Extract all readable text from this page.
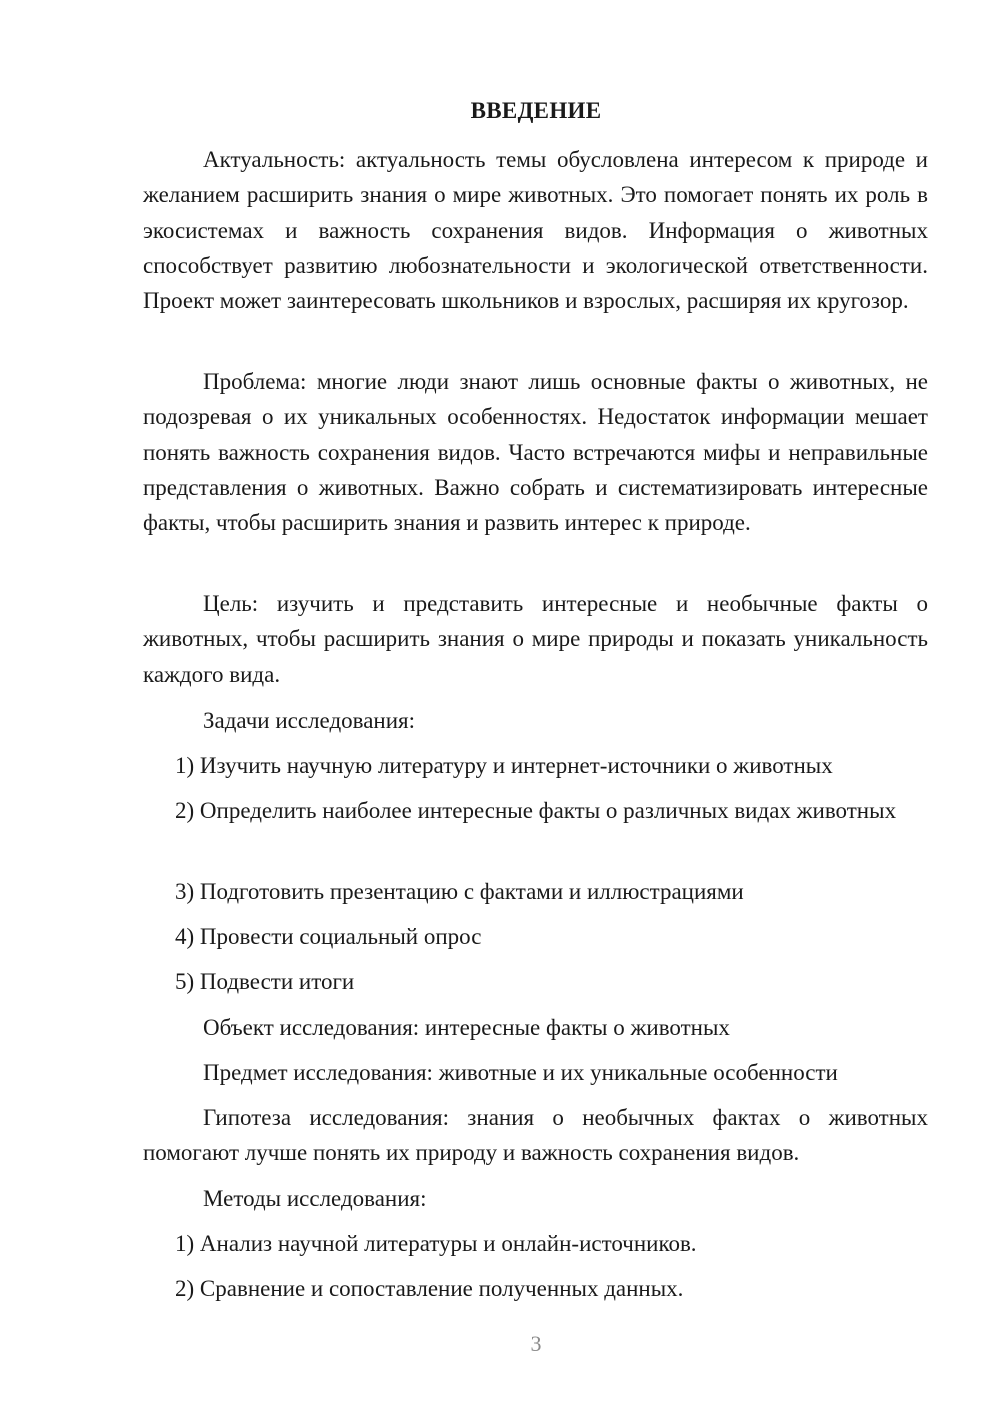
ВВЕДЕНИЕ
Актуальность: актуальность темы обусловлена интересом к природе и желанием расширить знания о мире животных. Это помогает понять их роль в экосистемах и важность сохранения видов. Информация о животных способствует развитию любознательности и экологической ответственности. Проект может заинтересовать школьников и взрослых, расширяя их кругозор.
Проблема: многие люди знают лишь основные факты о животных, не подозревая о их уникальных особенностях. Недостаток информации мешает понять важность сохранения видов. Часто встречаются мифы и неправильные представления о животных. Важно собрать и систематизировать интересные факты, чтобы расширить знания и развить интерес к природе.
Цель: изучить и представить интересные и необычные факты о животных, чтобы расширить знания о мире природы и показать уникальность каждого вида.
Задачи исследования:
1) Изучить научную литературу и интернет-источники о животных
2) Определить наиболее интересные факты о различных видах животных
3) Подготовить презентацию с фактами и иллюстрациями
4) Провести социальный опрос
5) Подвести итоги
Объект исследования: интересные факты о животных
Предмет исследования: животные и их уникальные особенности
Гипотеза исследования: знания о необычных фактах о животных помогают лучше понять их природу и важность сохранения видов.
Методы исследования:
1) Анализ научной литературы и онлайн-источников.
2) Сравнение и сопоставление полученных данных.
3
